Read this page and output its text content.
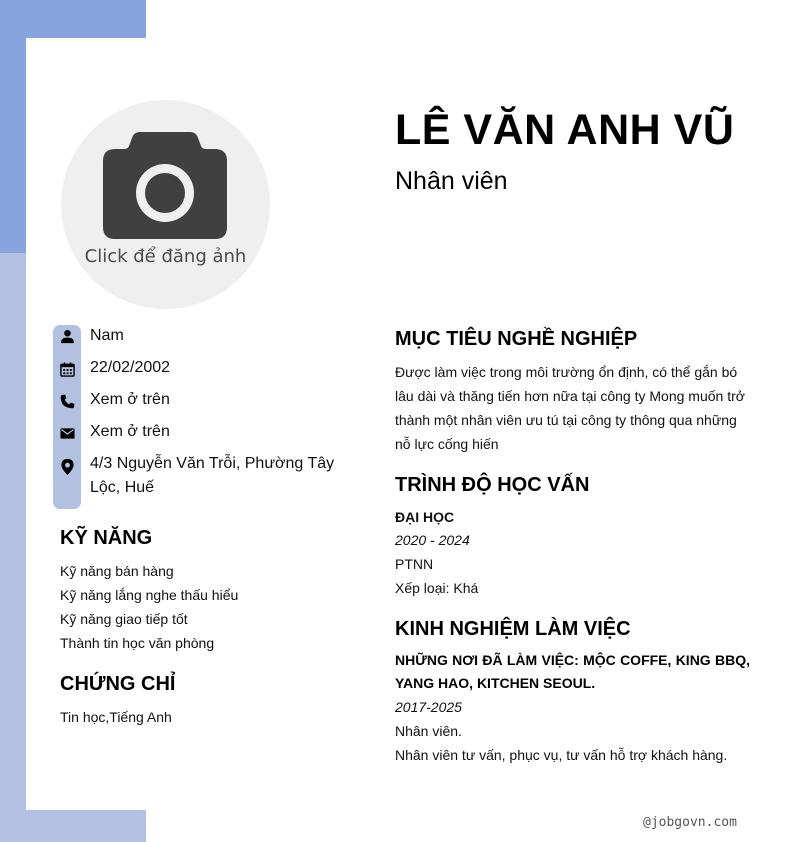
Click để đăng ảnh
LÊ VĂN ANH VŨ
Nhân viên
Nam
22/02/2002
Xem ở trên
Xem ở trên
4/3 Nguyễn Văn Trỗi, Phường Tây
Lộc, Huế
KỸ NĂNG
Kỹ năng bán hàng
Kỹ năng lắng nghe thấu hiểu
Kỹ năng giao tiếp tốt
Thành tin học văn phòng
CHỨNG CHỈ
Tin học,Tiếng Anh
MỤC TIÊU NGHỀ NGHIỆP
Được làm việc trong môi trường ổn định, có thể gắn bó lâu dài và thăng tiến hơn nữa tại công ty Mong muốn trở thành một nhân viên ưu tú tại công ty thông qua những nỗ lực cống hiến
TRÌNH ĐỘ HỌC VẤN
ĐẠI HỌC
2020 - 2024
PTNN
Xếp loại: Khá
KINH NGHIỆM LÀM VIỆC
NHỮNG NƠI ĐÃ LÀM VIỆC: MỘC COFFE, KING BBQ, YANG HAO, KITCHEN SEOUL.
2017-2025
Nhân viên.
Nhân viên tư vấn, phục vụ, tư vấn hỗ trợ khách hàng.
@jobgovn.com
